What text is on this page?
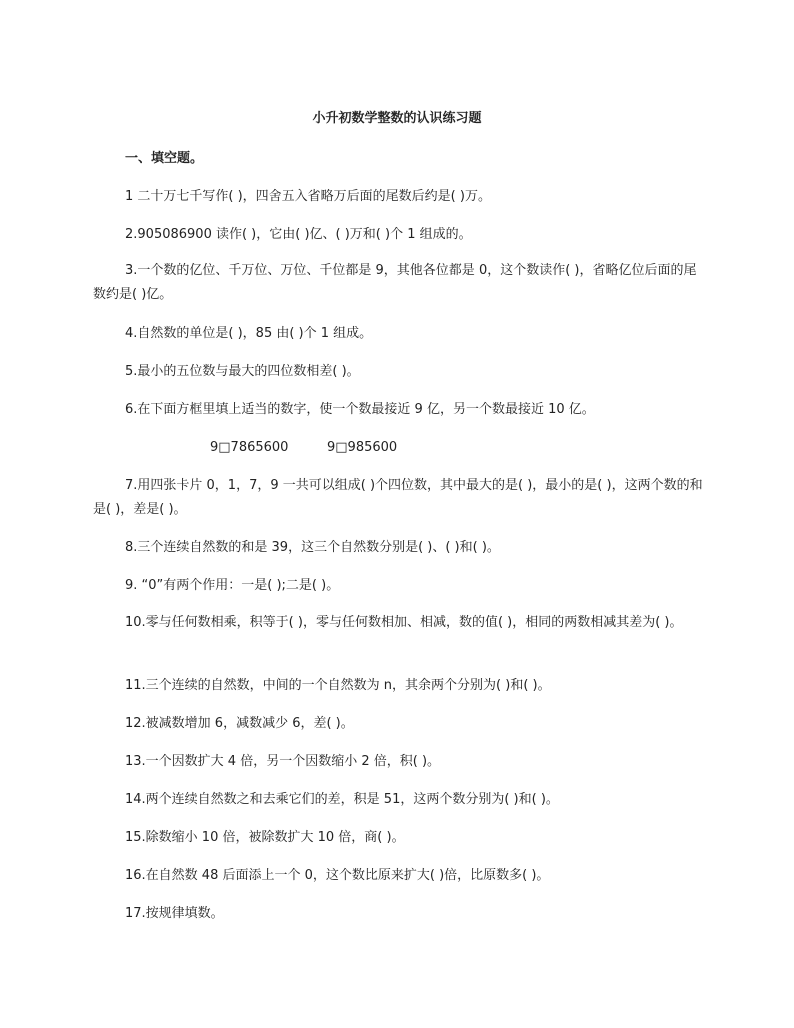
小升初数学整数的认识练习题
一、填空题。
1 二十万七千写作( )，四舍五入省略万后面的尾数后约是( )万。
2.905086900 读作( )，它由( )亿、( )万和( )个 1 组成的。
3.一个数的亿位、千万位、万位、千位都是 9，其他各位都是 0，这个数读作( )，省略亿位后面的尾数约是( )亿。
4.自然数的单位是( )，85 由( )个 1 组成。
5.最小的五位数与最大的四位数相差( )。
6.在下面方框里填上适当的数字，使一个数最接近 9 亿，另一个数最接近 10 亿。
9□7865600	9□985600
7.用四张卡片 0，1，7，9 一共可以组成( )个四位数，其中最大的是( )，最小的是( )，这两个数的和是( )，差是( )。
8.三个连续自然数的和是 39，这三个自然数分别是( )、( )和( )。
9. “0”有两个作用：一是( );二是( )。
10.零与任何数相乘，积等于( )，零与任何数相加、相减，数的值( )，相同的两数相减其差为( )。
11.三个连续的自然数，中间的一个自然数为 n，其余两个分别为( )和( )。
12.被减数增加 6，减数减少 6，差( )。
13.一个因数扩大 4 倍，另一个因数缩小 2 倍，积( )。
14.两个连续自然数之和去乘它们的差，积是 51，这两个数分别为( )和( )。
15.除数缩小 10 倍，被除数扩大 10 倍，商( )。
16.在自然数 48 后面添上一个 0，这个数比原来扩大( )倍，比原数多( )。
17.按规律填数。
